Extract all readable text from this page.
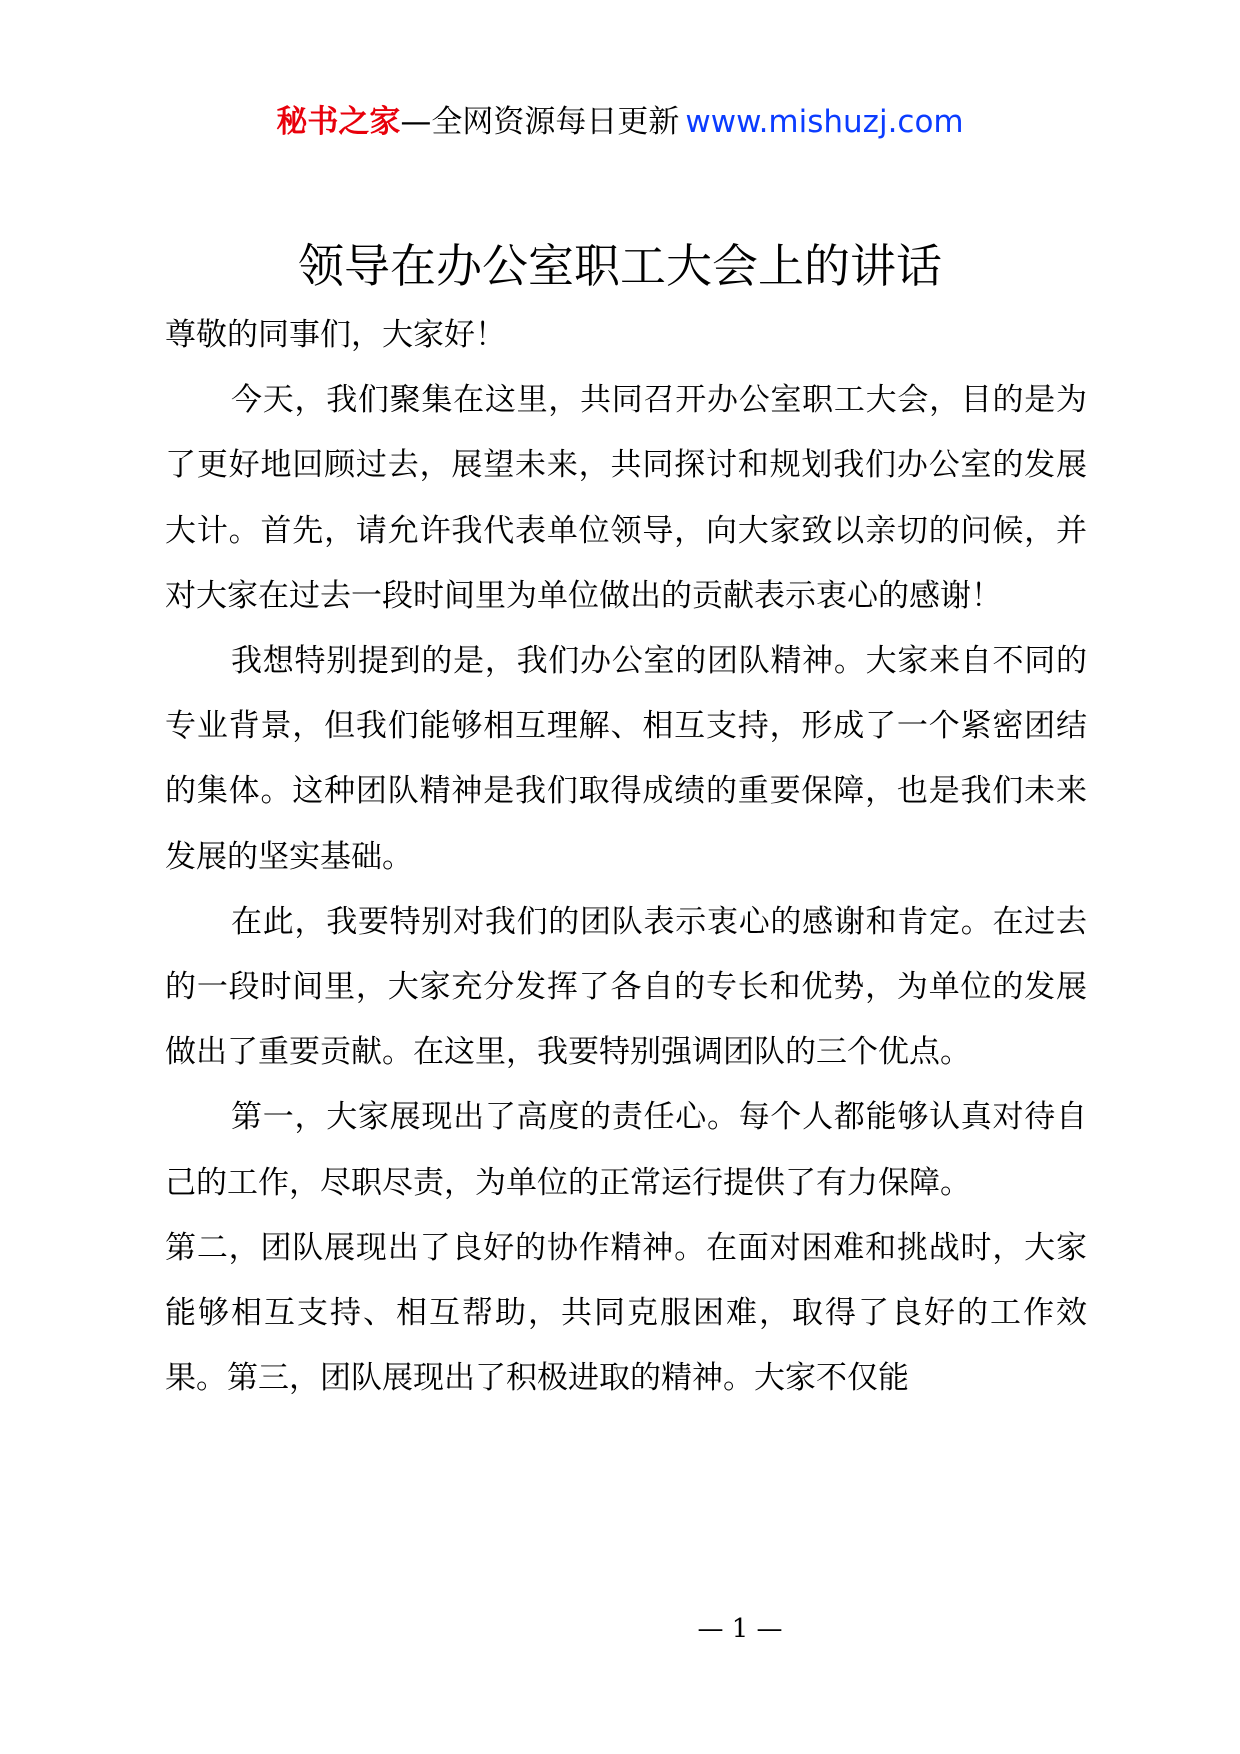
秘书之家—全网资源每日更新 www.mishuzj.com
领导在办公室职工大会上的讲话

尊敬的同事们，大家好！

今天，我们聚集在这里，共同召开办公室职工大会，目的是为了更好地回顾过去，展望未来，共同探讨和规划我们办公室的发展大计。首先，请允许我代表单位领导，向大家致以亲切的问候，并对大家在过去一段时间里为单位做出的贡献表示衷心的感谢！

我想特别提到的是，我们办公室的团队精神。大家来自不同的专业背景，但我们能够相互理解、相互支持，形成了一个紧密团结的集体。这种团队精神是我们取得成绩的重要保障，也是我们未来发展的坚实基础。

在此，我要特别对我们的团队表示衷心的感谢和肯定。在过去的一段时间里，大家充分发挥了各自的专长和优势，为单位的发展做出了重要贡献。在这里，我要特别强调团队的三个优点。

第一，大家展现出了高度的责任心。每个人都能够认真对待自己的工作，尽职尽责，为单位的正常运行提供了有力保障。

第二，团队展现出了良好的协作精神。在面对困难和挑战时，大家能够相互支持、相互帮助，共同克服困难，取得了良好的工作效果。第三，团队展现出了积极进取的精神。大家不仅能

— 1 —
